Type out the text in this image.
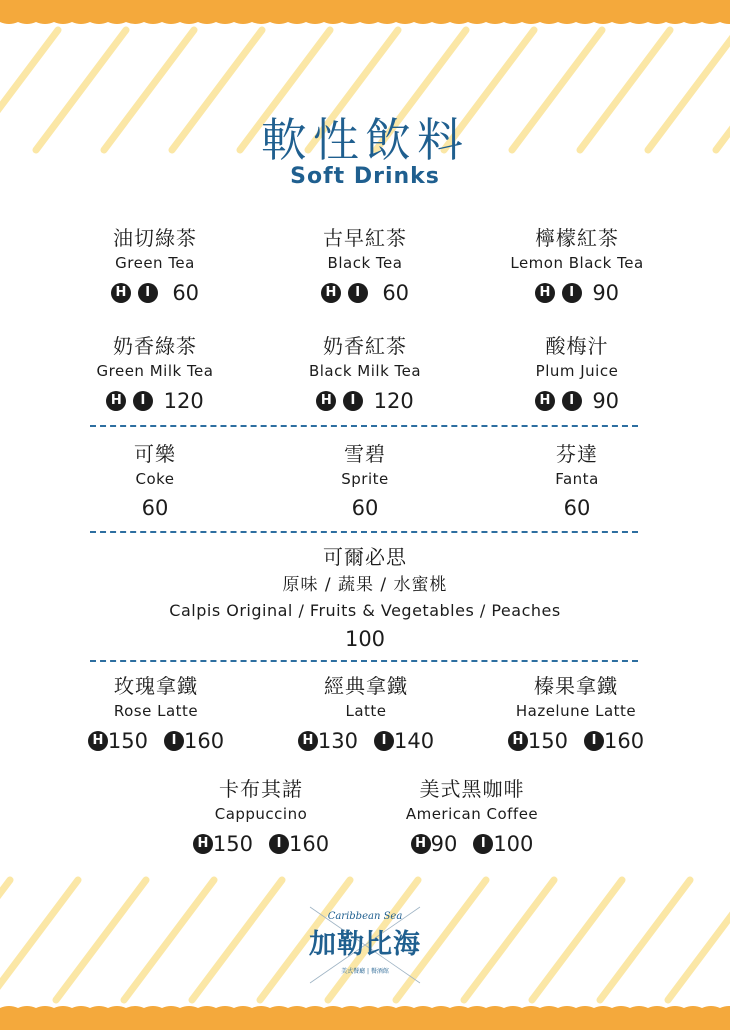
軟性飲料
Soft Drinks
油切綠茶
Green Tea
H I 60
古早紅茶
Black Tea
H I 60
檸檬紅茶
Lemon Black Tea
H I 90
奶香綠茶
Green Milk Tea
H I 120
奶香紅茶
Black Milk Tea
H I 120
酸梅汁
Plum Juice
H I 90
可樂
Coke
60
雪碧
Sprite
60
芬達
Fanta
60
可爾必思
原味 / 蔬果 / 水蜜桃
Calpis Original / Fruits & Vegetables / Peaches
100
玫瑰拿鐵
Rose Latte
H 150 I 160
經典拿鐵
Latte
H 130 I 140
榛果拿鐵
Hazelune Latte
H 150 I 160
卡布其諾
Cappuccino
H 150 I 160
美式黑咖啡
American Coffee
H 90 I 100
Caribbean Sea
加勒比海
美式餐廳 | 餐酒館
